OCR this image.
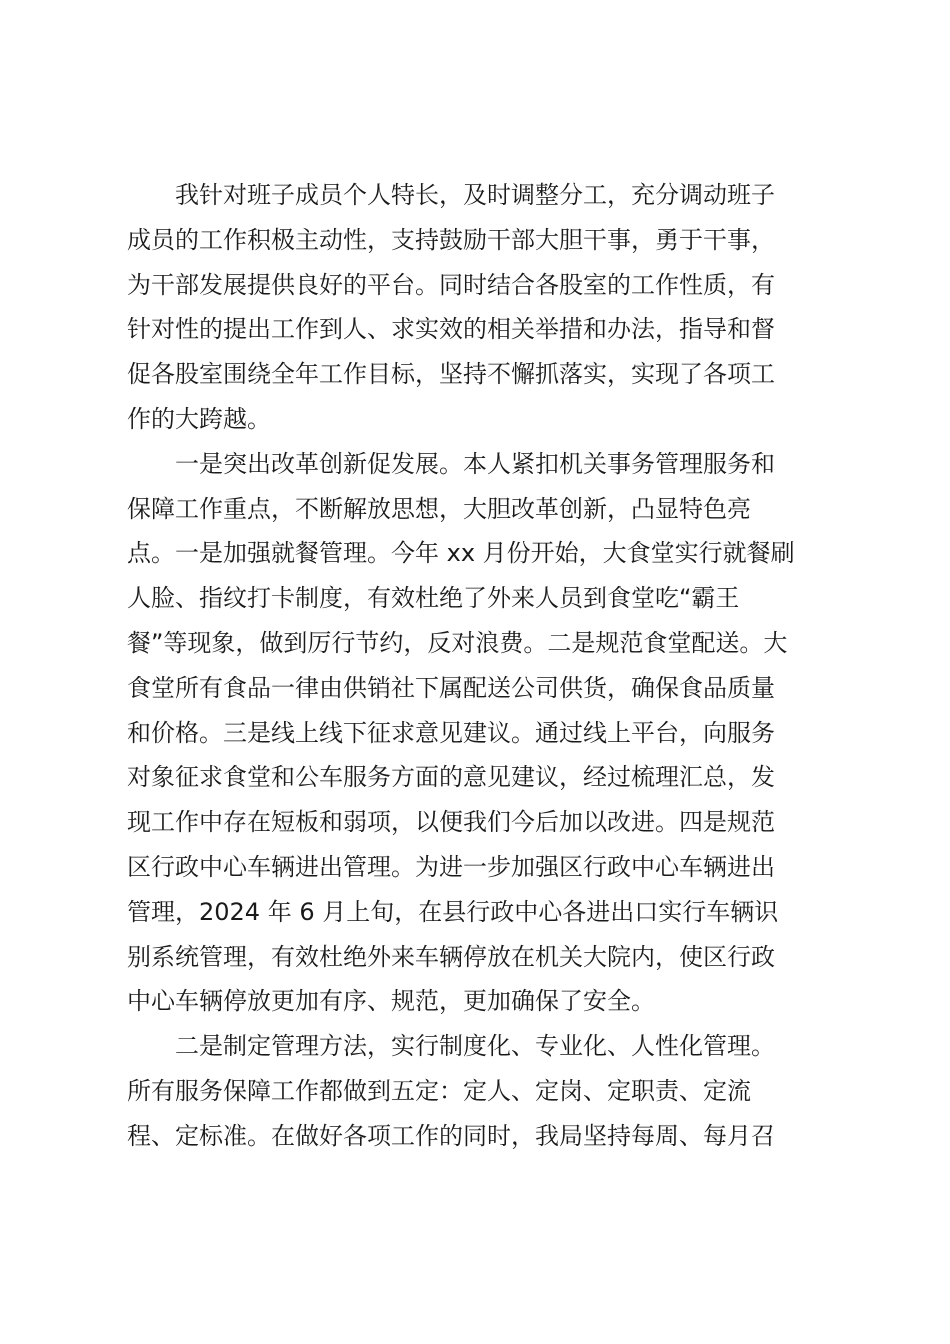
我针对班子成员个人特长，及时调整分工，充分调动班子
成员的工作积极主动性，支持鼓励干部大胆干事，勇于干事，
为干部发展提供良好的平台。同时结合各股室的工作性质，有
针对性的提出工作到人、求实效的相关举措和办法，指导和督
促各股室围绕全年工作目标，坚持不懈抓落实，实现了各项工
作的大跨越。

一是突出改革创新促发展。本人紧扣机关事务管理服务和
保障工作重点，不断解放思想，大胆改革创新，凸显特色亮
点。一是加强就餐管理。今年 xx 月份开始，大食堂实行就餐刷
人脸、指纹打卡制度，有效杜绝了外来人员到食堂吃“霸王
餐”等现象，做到厉行节约，反对浪费。二是规范食堂配送。大
食堂所有食品一律由供销社下属配送公司供货，确保食品质量
和价格。三是线上线下征求意见建议。通过线上平台，向服务
对象征求食堂和公车服务方面的意见建议，经过梳理汇总，发
现工作中存在短板和弱项，以便我们今后加以改进。四是规范
区行政中心车辆进出管理。为进一步加强区行政中心车辆进出
管理，2024 年 6 月上旬，在县行政中心各进出口实行车辆识
别系统管理，有效杜绝外来车辆停放在机关大院内，使区行政
中心车辆停放更加有序、规范，更加确保了安全。

二是制定管理方法，实行制度化、专业化、人性化管理。
所有服务保障工作都做到五定：定人、定岗、定职责、定流
程、定标准。在做好各项工作的同时，我局坚持每周、每月召
